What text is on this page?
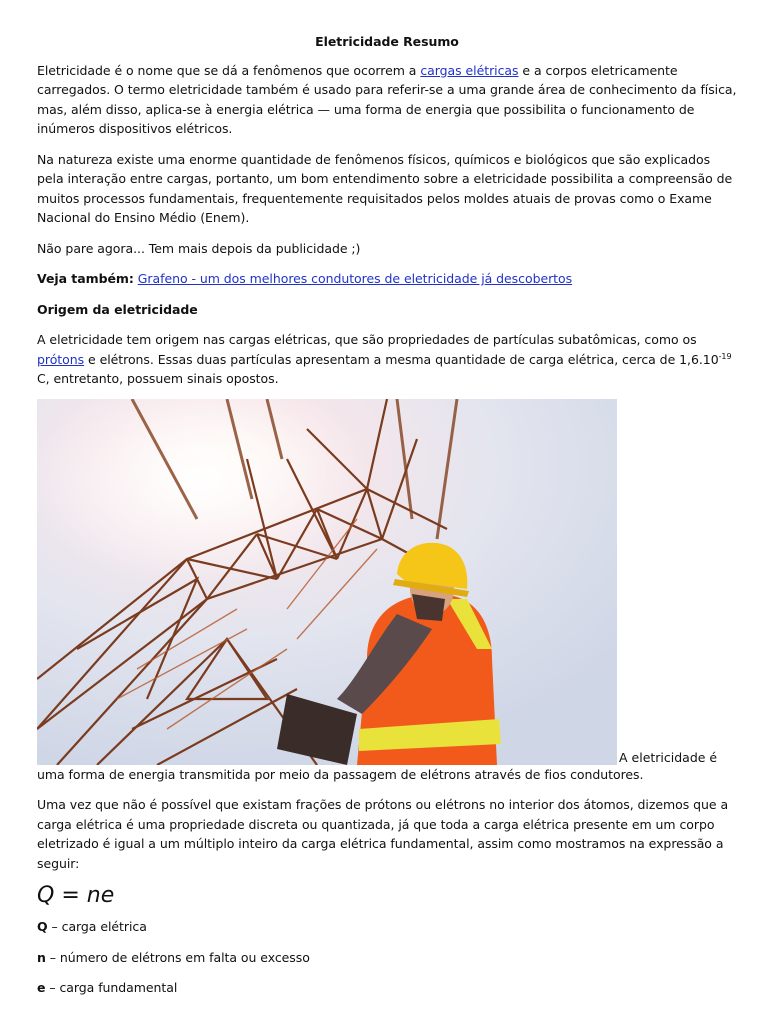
Eletricidade Resumo

Eletricidade é o nome que se dá a fenômenos que ocorrem a cargas elétricas e a corpos eletricamente carregados. O termo eletricidade também é usado para referir-se a uma grande área de conhecimento da física, mas, além disso, aplica-se à energia elétrica — uma forma de energia que possibilita o funcionamento de inúmeros dispositivos elétricos.

Na natureza existe uma enorme quantidade de fenômenos físicos, químicos e biológicos que são explicados pela interação entre cargas, portanto, um bom entendimento sobre a eletricidade possibilita a compreensão de muitos processos fundamentais, frequentemente requisitados pelos moldes atuais de provas como o Exame Nacional do Ensino Médio (Enem).

Não pare agora... Tem mais depois da publicidade ;)

Veja também: Grafeno - um dos melhores condutores de eletricidade já descobertos

Origem da eletricidade

A eletricidade tem origem nas cargas elétricas, que são propriedades de partículas subatômicas, como os prótons e elétrons. Essas duas partículas apresentam a mesma quantidade de carga elétrica, cerca de $1,6.10^{-19}$ C, entretanto, possuem sinais opostos.

A eletricidade é

uma forma de energia transmitida por meio da passagem de elétrons através de fios condutores.

Uma vez que não é possível que existam frações de prótons ou elétrons no interior dos átomos, dizemos que a carga elétrica é uma propriedade discreta ou quantizada, já que toda a carga elétrica presente em um corpo eletrizado é igual a um múltiplo inteiro da carga elétrica fundamental, assim como mostramos na expressão a seguir:

Q = ne

Q – carga elétrica

n – número de elétrons em falta ou excesso

e – carga fundamental
